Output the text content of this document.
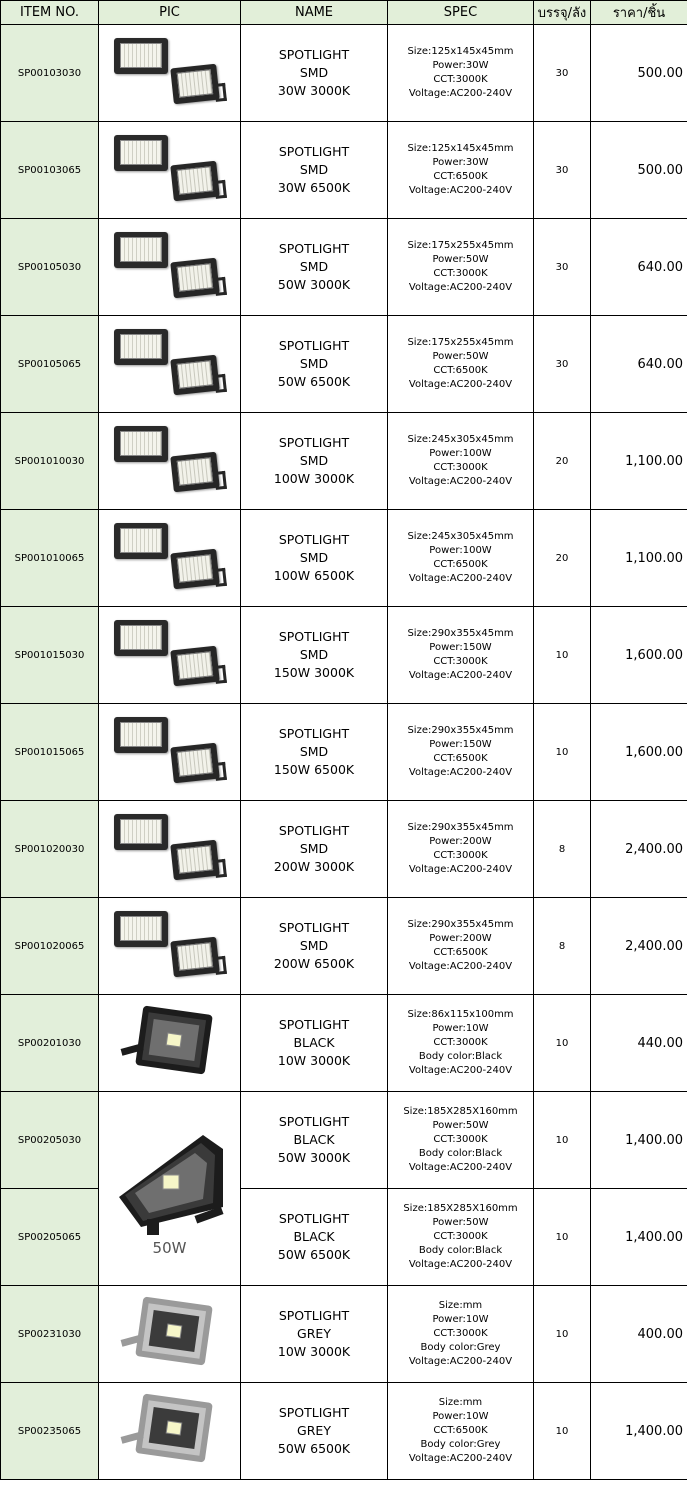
ITEM NO.	PIC	NAME	SPEC	บรรจุ/ลัง	ราคา/ชิ้น
SP00103030		SPOTLIGHT
SMD
30W 3000K	Size:125x145x45mm
Power:30W
CCT:3000K
Voltage:AC200-240V	30	500.00
SP00103065		SPOTLIGHT
SMD
30W 6500K	Size:125x145x45mm
Power:30W
CCT:6500K
Voltage:AC200-240V	30	500.00
SP00105030		SPOTLIGHT
SMD
50W 3000K	Size:175x255x45mm
Power:50W
CCT:3000K
Voltage:AC200-240V	30	640.00
SP00105065		SPOTLIGHT
SMD
50W 6500K	Size:175x255x45mm
Power:50W
CCT:6500K
Voltage:AC200-240V	30	640.00
SP001010030		SPOTLIGHT
SMD
100W 3000K	Size:245x305x45mm
Power:100W
CCT:3000K
Voltage:AC200-240V	20	1,100.00
SP001010065		SPOTLIGHT
SMD
100W 6500K	Size:245x305x45mm
Power:100W
CCT:6500K
Voltage:AC200-240V	20	1,100.00
SP001015030		SPOTLIGHT
SMD
150W 3000K	Size:290x355x45mm
Power:150W
CCT:3000K
Voltage:AC200-240V	10	1,600.00
SP001015065		SPOTLIGHT
SMD
150W 6500K	Size:290x355x45mm
Power:150W
CCT:6500K
Voltage:AC200-240V	10	1,600.00
SP001020030		SPOTLIGHT
SMD
200W 3000K	Size:290x355x45mm
Power:200W
CCT:3000K
Voltage:AC200-240V	8	2,400.00
SP001020065		SPOTLIGHT
SMD
200W 6500K	Size:290x355x45mm
Power:200W
CCT:6500K
Voltage:AC200-240V	8	2,400.00
SP00201030		SPOTLIGHT
BLACK
10W 3000K	Size:86x115x100mm
Power:10W
CCT:3000K
Body color:Black
Voltage:AC200-240V	10	440.00
SP00205030	50W	SPOTLIGHT
BLACK
50W 3000K	Size:185X285X160mm
Power:50W
CCT:3000K
Body color:Black
Voltage:AC200-240V	10	1,400.00
SP00205065		SPOTLIGHT
BLACK
50W 6500K	Size:185X285X160mm
Power:50W
CCT:3000K
Body color:Black
Voltage:AC200-240V	10	1,400.00
SP00231030		SPOTLIGHT
GREY
10W 3000K	Size:mm
Power:10W
CCT:3000K
Body color:Grey
Voltage:AC200-240V	10	400.00
SP00235065		SPOTLIGHT
GREY
50W 6500K	Size:mm
Power:10W
CCT:6500K
Body color:Grey
Voltage:AC200-240V	10	1,400.00
